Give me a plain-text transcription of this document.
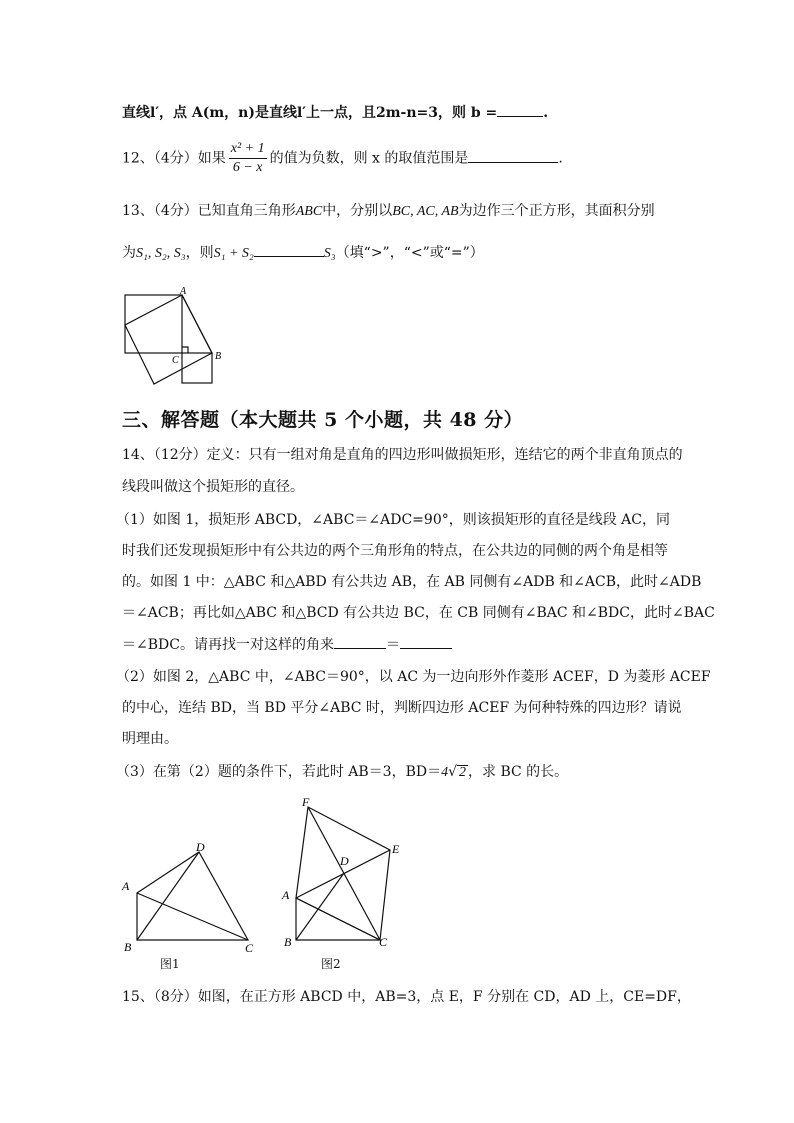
直线l′，点 A(m，n)是直线l′上一点，且2m-n=3，则 b =	.
12、（4分）如果 $\frac{\text{x² + 1}}{6 - x}$ 的值为负数，则 x 的取值范围是	.
13、（4分）已知直角三角形ABC中，分别以BC, AC, AB为边作三个正方形，其面积分别
为S₁, S₂, S₃，则S₁ + S₂	S₃（填“>”，“<”或“=”）
A
B
C
三、解答题（本大题共 5 个小题，共 48 分）
14、（12分）定义：只有一组对角是直角的四边形叫做损矩形，连结它的两个非直角顶点的
线段叫做这个损矩形的直径。
（1）如图 1，损矩形 ABCD，∠ABC＝∠ADC=90°，则该损矩形的直径是线段 AC，同
时我们还发现损矩形中有公共边的两个三角形角的特点，在公共边的同侧的两个角是相等
的。如图 1 中：△ABC 和△ABD 有公共边 AB，在 AB 同侧有∠ADB 和∠ACB，此时∠ADB
＝∠ACB；再比如△ABC 和△BCD 有公共边 BC，在 CB 同侧有∠BAC 和∠BDC，此时∠BAC
＝∠BDC。请再找一对这样的角来	＝
（2）如图 2，△ABC 中，∠ABC＝90°，以 AC 为一边向形外作菱形 ACEF，D 为菱形 ACEF
的中心，连结 BD，当 BD 平分∠ABC 时，判断四边形 ACEF 为何种特殊的四边形？请说
明理由。
（3）在第（2）题的条件下，若此时 AB＝3，BD＝4√ 2 ，求 BC 的长。
A
B	C
D
图1
A
B	C
D
E
F
图2
15、（8分）如图，在正方形 ABCD 中，AB=3，点 E，F 分别在 CD，AD 上，CE=DF，
